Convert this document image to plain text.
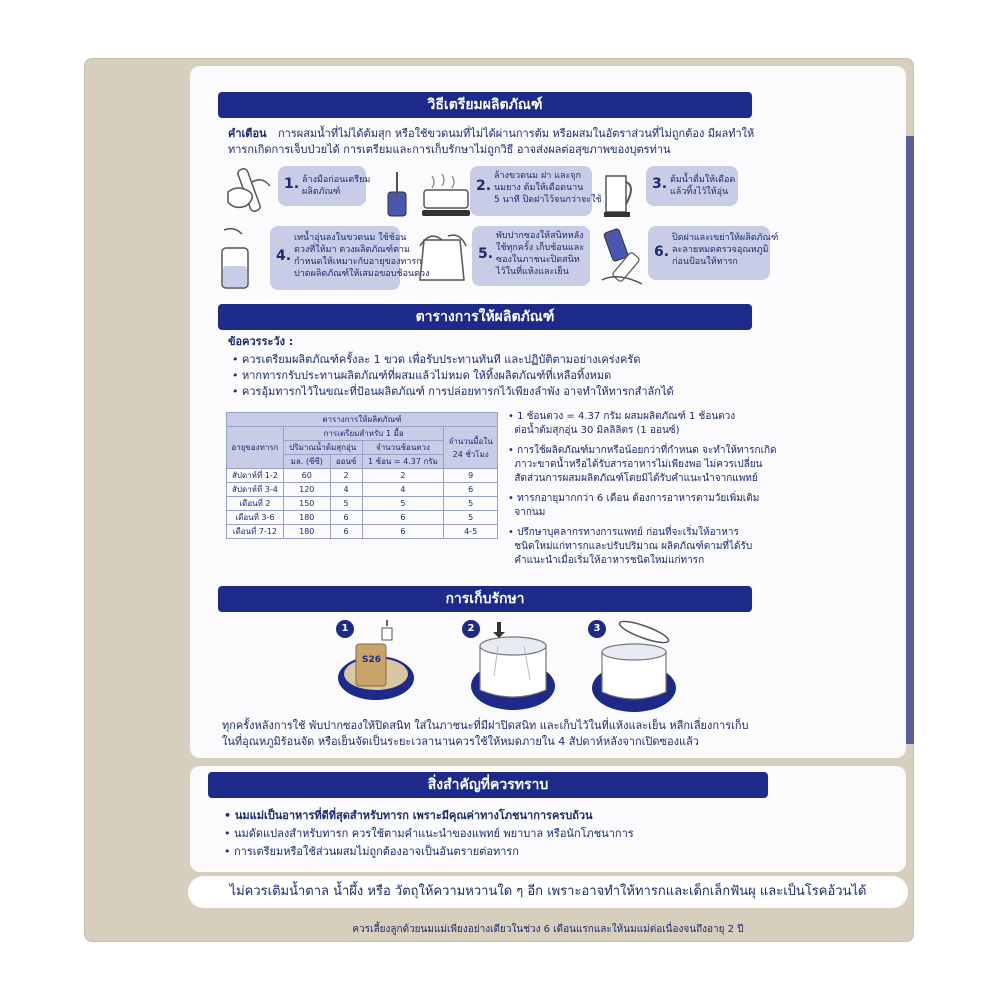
วิธีเตรียมผลิตภัณฑ์
คำเตือน การผสมน้ำที่ไม่ได้ต้มสุก หรือใช้ขวดนมที่ไม่ได้ผ่านการต้ม หรือผสมในอัตราส่วนที่ไม่ถูกต้อง มีผลทำให้
ทารกเกิดการเจ็บป่วยได้ การเตรียมและการเก็บรักษาไม่ถูกวิธี อาจส่งผลต่อสุขภาพของบุตรท่าน
1. ล้างมือก่อนเตรียม
ผลิตภัณฑ์	2.
ล้างขวดนม ฝา และจุก
นมยาง ต้มให้เดือดนาน
5 นาที ปิดฝาไว้จนกว่าจะใช้
3. ต้มน้ำดื่มให้เดือด
แล้วทิ้งไว้ให้อุ่น
4.
เทน้ำอุ่นลงในขวดนม ใช้ช้อน
ตวงที่ให้มา ตวงผลิตภัณฑ์ตาม
กำหนดให้เหมาะกับอายุของทารก
ปาดผลิตภัณฑ์ให้เสมอขอบช้อนตวง
5.
พับปากซองให้สนิทหลัง
ใช้ทุกครั้ง เก็บช้อนและ
ซองในภาชนะปิดสนิท
ไว้ในที่แห้งและเย็น
6.
ปิดฝาและเขย่าให้ผลิตภัณฑ์
ละลายหมดตรวจอุณหภูมิ
ก่อนป้อนให้ทารก
ตารางการให้ผลิตภัณฑ์
ข้อควรระวัง :
• ควรเตรียมผลิตภัณฑ์ครั้งละ 1 ขวด เพื่อรับประทานทันที และปฏิบัติตามอย่างเคร่งครัด
• หากทารกรับประทานผลิตภัณฑ์ที่ผสมแล้วไม่หมด ให้ทิ้งผลิตภัณฑ์ที่เหลือทิ้งหมด
• ควรอุ้มทารกไว้ในขณะที่ป้อนผลิตภัณฑ์ การปล่อยทารกไว้เพียงลำพัง อาจทำให้ทารกสำลักได้
ตารางการให้ผลิตภัณฑ์				
อายุของทารก	การเตรียมสำหรับ 1 มื้อ			จำนวนมื้อใน
24 ชั่วโมง
	ปริมาณน้ำต้มสุกอุ่น		จำนวนช้อนตวง	
	มล. (ซีซี)	ออนซ์	1 ช้อน = 4.37 กรัม	
สัปดาห์ที่ 1-2	60	2	2	9
สัปดาห์ที่ 3-4	120	4	4	6
เดือนที่ 2	150	5	5	5
เดือนที่ 3-6	180	6	6	5
เดือนที่ 7-12	180	6	6	4-5
• 1 ช้อนตวง = 4.37 กรัม ผสมผลิตภัณฑ์ 1 ช้อนตวง
ต่อน้ำต้มสุกอุ่น 30 มิลลิลิตร (1 ออนซ์)
• การใช้ผลิตภัณฑ์มากหรือน้อยกว่าที่กำหนด จะทำให้ทารกเกิด
ภาวะขาดน้ำหรือได้รับสารอาหารไม่เพียงพอ ไม่ควรเปลี่ยน
สัดส่วนการผสมผลิตภัณฑ์โดยมิได้รับคำแนะนำจากแพทย์
• ทารกอายุมากกว่า 6 เดือน ต้องการอาหารตามวัยเพิ่มเติม
จากนม
• ปรึกษาบุคลากรทางการแพทย์ ก่อนที่จะเริ่มให้อาหาร
ชนิดใหม่แก่ทารกและปรับปริมาณ ผลิตภัณฑ์ตามที่ได้รับ
คำแนะนำเมื่อเริ่มให้อาหารชนิดใหม่แก่ทารก
การเก็บรักษา
S26
1	2	3
ทุกครั้งหลังการใช้ พับปากซองให้ปิดสนิท ใส่ในภาชนะที่มีฝาปิดสนิท และเก็บไว้ในที่แห้งและเย็น หลีกเลี่ยงการเก็บ
ในที่อุณหภูมิร้อนจัด หรือเย็นจัดเป็นระยะเวลานานควรใช้ให้หมดภายใน 4 สัปดาห์หลังจากเปิดซองแล้ว
สิ่งสำคัญที่ควรทราบ
• นมแม่เป็นอาหารที่ดีที่สุดสำหรับทารก เพราะมีคุณค่าทางโภชนาการครบถ้วน
• นมดัดแปลงสำหรับทารก ควรใช้ตามคำแนะนำของแพทย์ พยาบาล หรือนักโภชนาการ
• การเตรียมหรือใช้ส่วนผสมไม่ถูกต้องอาจเป็นอันตรายต่อทารก
ไม่ควรเติมน้ำตาล น้ำผึ้ง หรือ วัตถุให้ความหวานใด ๆ อีก เพราะอาจทำให้ทารกและเด็กเล็กฟันผุ และเป็นโรคอ้วนได้
ควรเลี้ยงลูกด้วยนมแม่เพียงอย่างเดียวในช่วง 6 เดือนแรกและให้นมแม่ต่อเนื่องจนถึงอายุ 2 ปี
